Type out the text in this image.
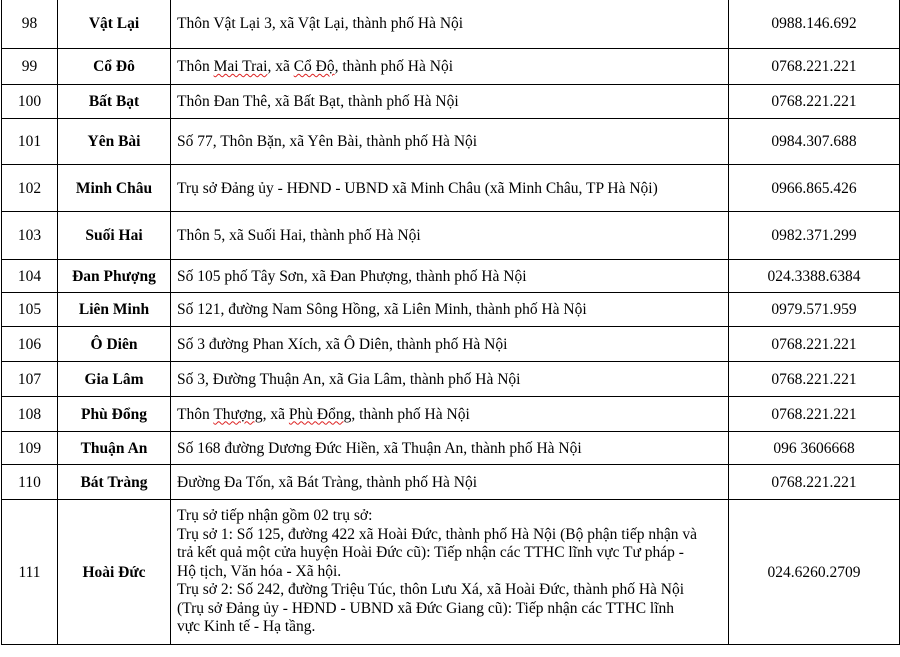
98	Vật Lại	Thôn Vật Lại 3, xã Vật Lại, thành phố Hà Nội	0988.146.692
99	Cổ Đô	Thôn Mai Trai, xã Cổ Độ, thành phố Hà Nội	0768.221.221
100	Bất Bạt	Thôn Đan Thê, xã Bất Bạt, thành phố Hà Nội	0768.221.221
101	Yên Bài	Số 77, Thôn Bặn, xã Yên Bài, thành phố Hà Nội	0984.307.688
102	Minh Châu	Trụ sở Đảng ủy - HĐND - UBND xã Minh Châu (xã Minh Châu, TP Hà Nội)	0966.865.426
103	Suối Hai	Thôn 5, xã Suối Hai, thành phố Hà Nội	0982.371.299
104	Đan Phượng	Số 105 phố Tây Sơn, xã Đan Phượng, thành phố Hà Nội	024.3388.6384
105	Liên Minh	Số 121, đường Nam Sông Hồng, xã Liên Minh, thành phố Hà Nội	0979.571.959
106	Ô Diên	Số 3 đường Phan Xích, xã Ô Diên, thành phố Hà Nội	0768.221.221
107	Gia Lâm	Số 3, Đường Thuận An, xã Gia Lâm, thành phố Hà Nội	0768.221.221
108	Phù Đổng	Thôn Thượng, xã Phù Đổng, thành phố Hà Nội	0768.221.221
109	Thuận An	Số 168 đường Dương Đức Hiền, xã Thuận An, thành phố Hà Nội	096 3606668
110	Bát Tràng	Đường Đa Tốn, xã Bát Tràng, thành phố Hà Nội	0768.221.221
111	Hoài Đức	Trụ sở tiếp nhận gồm 02 trụ sở:
Trụ sở 1: Số 125, đường 422 xã Hoài Đức, thành phố Hà Nội (Bộ phận tiếp nhận và trả kết quả một cửa huyện Hoài Đức cũ): Tiếp nhận các TTHC lĩnh vực Tư pháp - Hộ tịch, Văn hóa - Xã hội.
Trụ sở 2: Số 242, đường Triệu Túc, thôn Lưu Xá, xã Hoài Đức, thành phố Hà Nội (Trụ sở Đảng ủy - HĐND - UBND xã Đức Giang cũ): Tiếp nhận các TTHC lĩnh vực Kinh tế - Hạ tầng.	024.6260.2709
